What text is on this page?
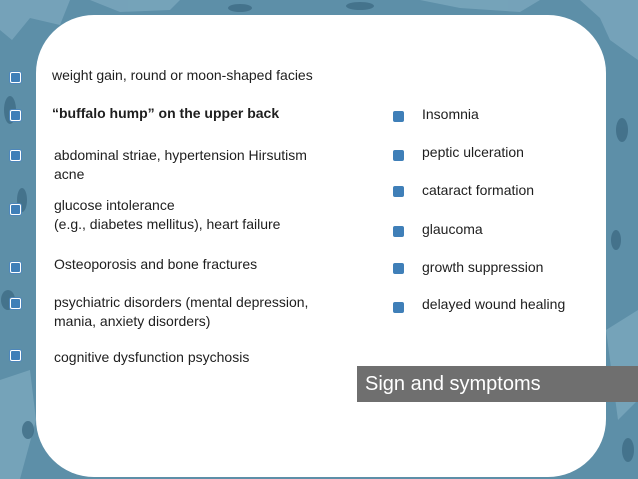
weight gain, round or moon-shaped facies
“buffalo hump” on the upper back
abdominal striae, hypertension Hirsutism
acne
glucose intolerance
(e.g., diabetes mellitus), heart failure
Osteoporosis and bone fractures
psychiatric disorders (mental depression,
mania, anxiety disorders)
cognitive dysfunction psychosis
Insomnia
peptic ulceration
cataract formation
glaucoma
growth suppression
delayed wound healing
Sign and symptoms
